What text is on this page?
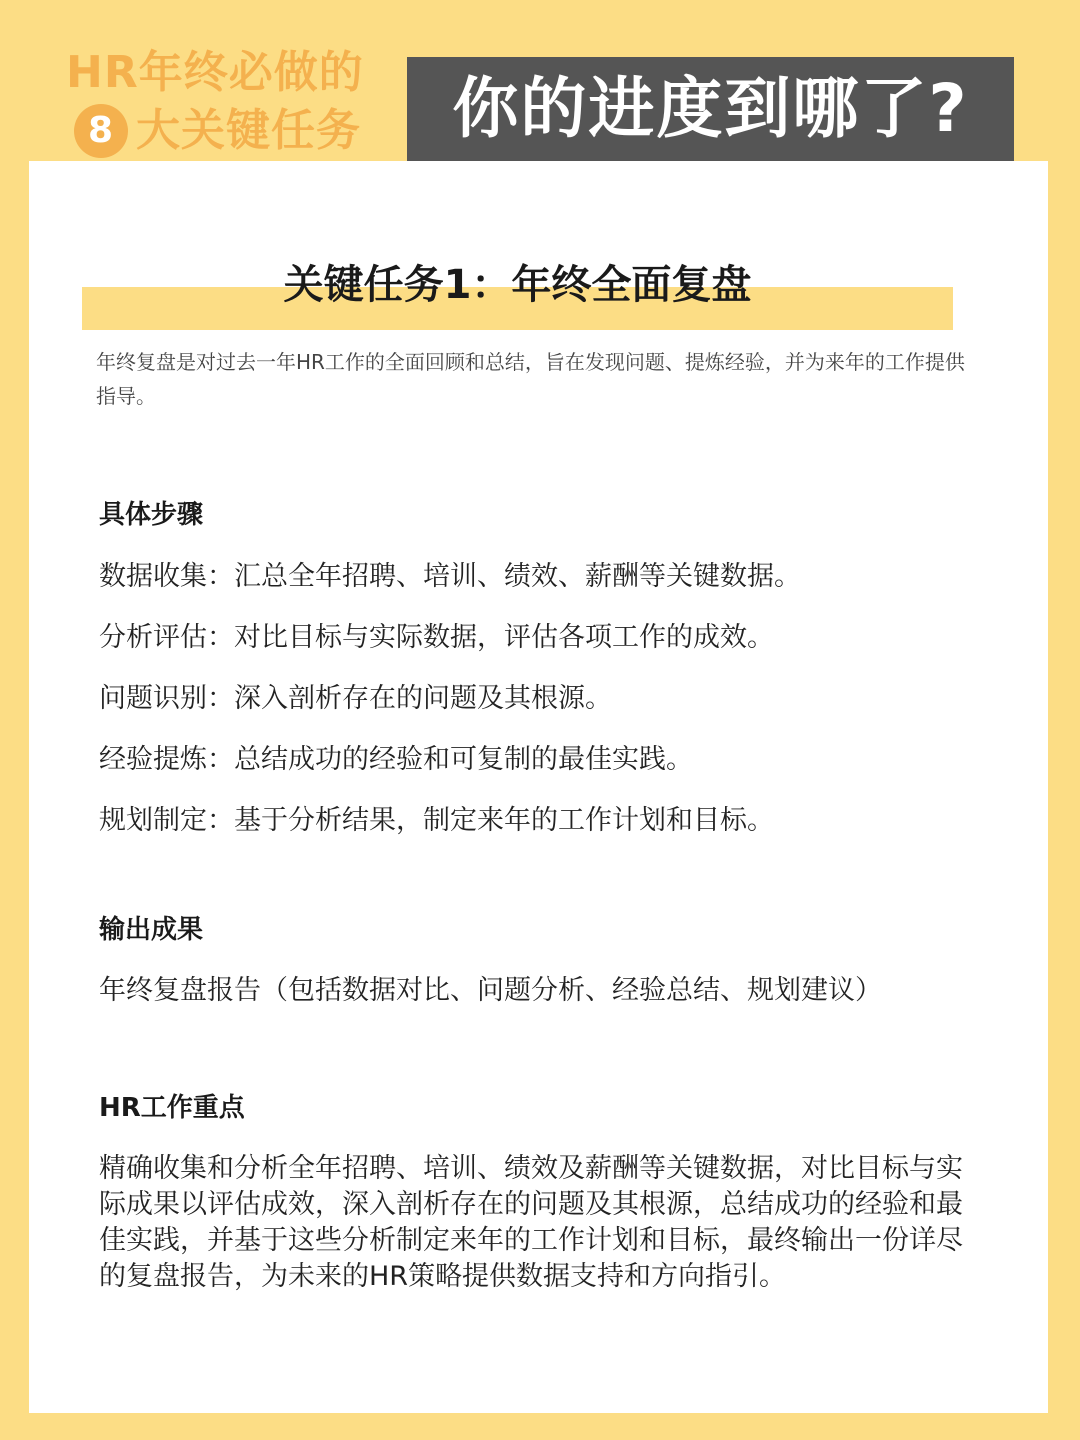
HR年终必做的
8 大关键任务	你的进度到哪了?
关键任务1：年终全面复盘
年终复盘是对过去一年HR工作的全面回顾和总结，旨在发现问题、提炼经验，并为来年的工作提供指导。
具体步骤
数据收集：汇总全年招聘、培训、绩效、薪酬等关键数据。
分析评估：对比目标与实际数据，评估各项工作的成效。
问题识别：深入剖析存在的问题及其根源。
经验提炼：总结成功的经验和可复制的最佳实践。
规划制定：基于分析结果，制定来年的工作计划和目标。
输出成果
年终复盘报告（包括数据对比、问题分析、经验总结、规划建议）
HR工作重点
精确收集和分析全年招聘、培训、绩效及薪酬等关键数据，对比目标与实际成果以评估成效，深入剖析存在的问题及其根源，总结成功的经验和最佳实践，并基于这些分析制定来年的工作计划和目标，最终输出一份详尽的复盘报告，为未来的HR策略提供数据支持和方向指引。
